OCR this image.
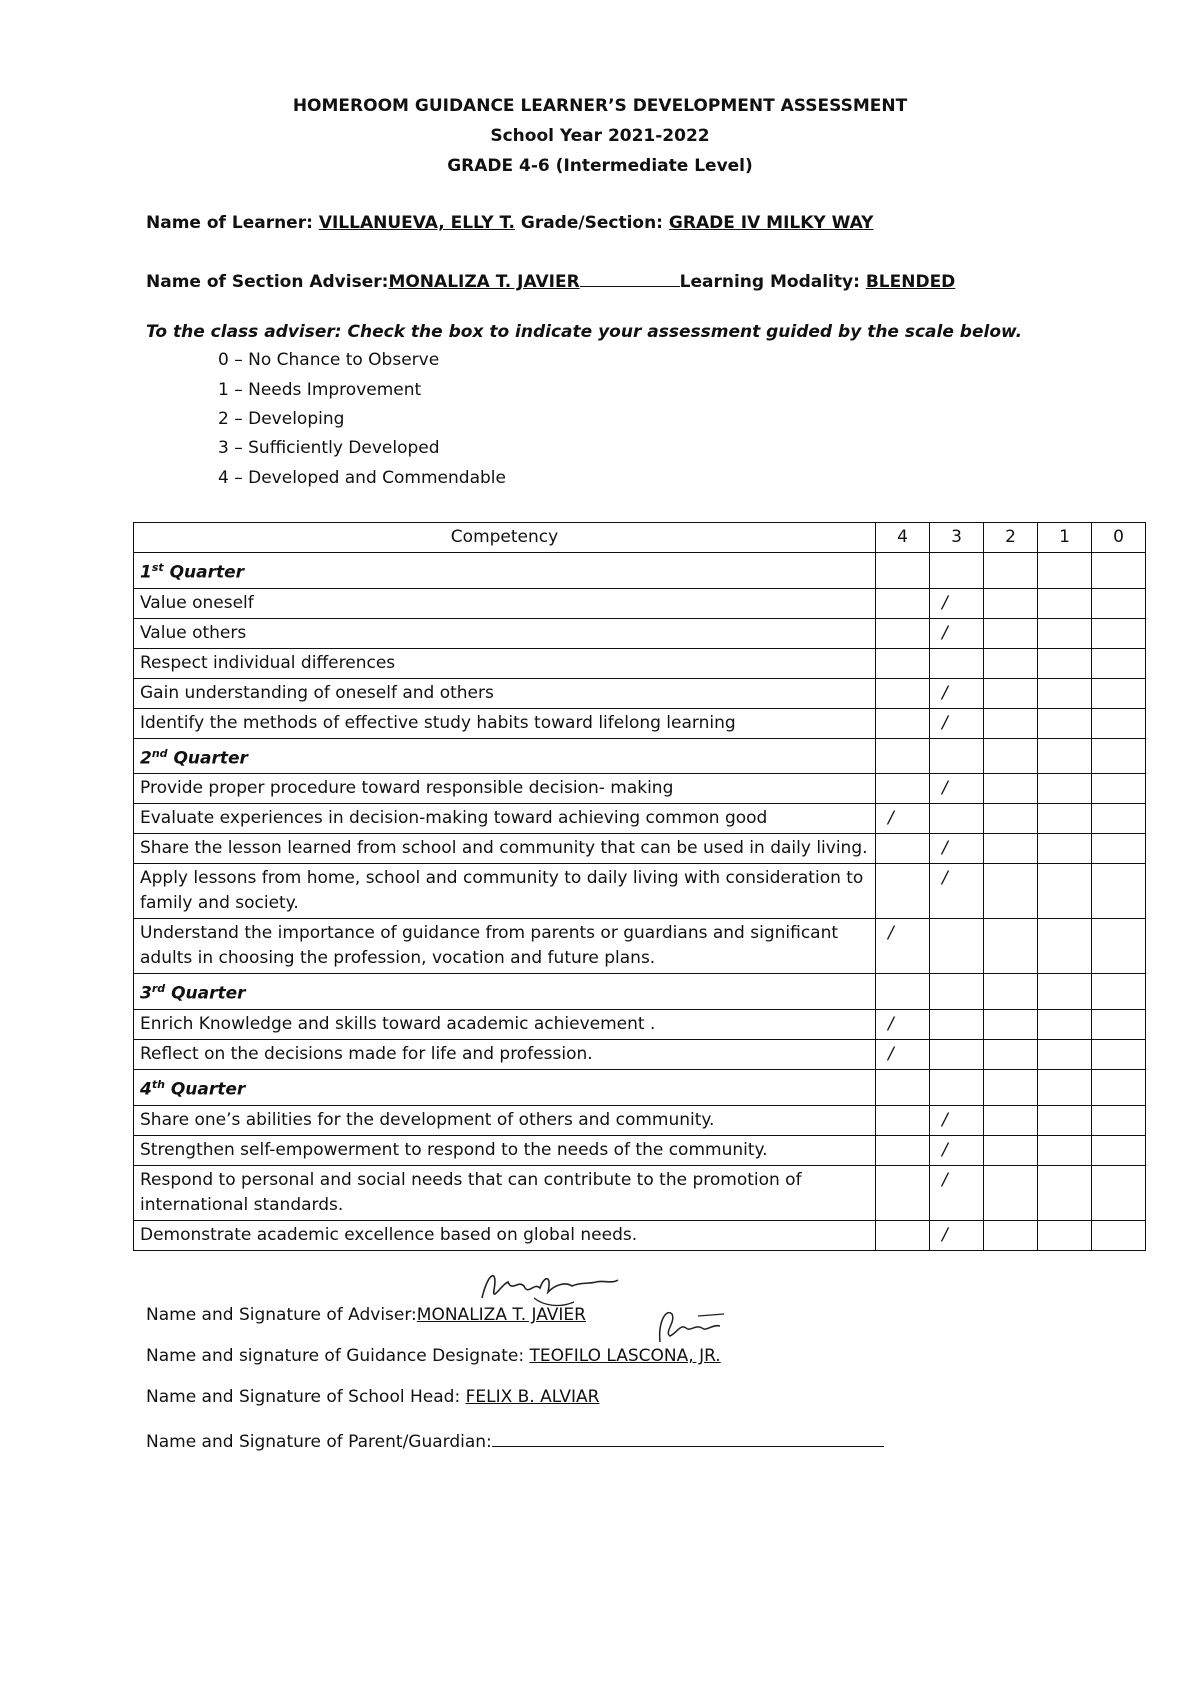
HOMEROOM GUIDANCE LEARNER’S DEVELOPMENT ASSESSMENT
School Year 2021-2022
GRADE 4-6 (Intermediate Level)
Name of Learner: VILLANUEVA, ELLY T. Grade/Section: GRADE IV MILKY WAY
Name of Section Adviser:MONALIZA T. JAVIER	Learning Modality: BLENDED
To the class adviser: Check the box to indicate your assessment guided by the scale below.
0 – No Chance to Observe
1 – Needs Improvement
2 – Developing
3 – Sufficiently Developed
4 – Developed and Commendable
Competency	4	3	2	1	0
1st Quarter					
Value oneself		/			
Value others		/			
Respect individual differences					
Gain understanding of oneself and others		/			
Identify the methods of effective study habits toward lifelong learning		/			
2nd Quarter					
Provide proper procedure toward responsible decision- making		/			
Evaluate experiences in decision-making toward achieving common good	/				
Share the lesson learned from school and community that can be used in daily living.		/			
Apply lessons from home, school and community to daily living with consideration to family and society.		/			
Understand the importance of guidance from parents or guardians and significant adults in choosing the profession, vocation and future plans.	/				
3rd Quarter					
Enrich Knowledge and skills toward academic achievement .	/				
Reflect on the decisions made for life and profession.	/				
4th Quarter					
Share one’s abilities for the development of others and community.		/			
Strengthen self-empowerment to respond to the needs of the community.		/			
Respond to personal and social needs that can contribute to the promotion of international standards.		/			
Demonstrate academic excellence based on global needs.		/			
Name and Signature of Adviser:MONALIZA T. JAVIER
Name and signature of Guidance Designate: TEOFILO LASCONA, JR.
Name and Signature of School Head: FELIX B. ALVIAR
Name and Signature of Parent/Guardian:
